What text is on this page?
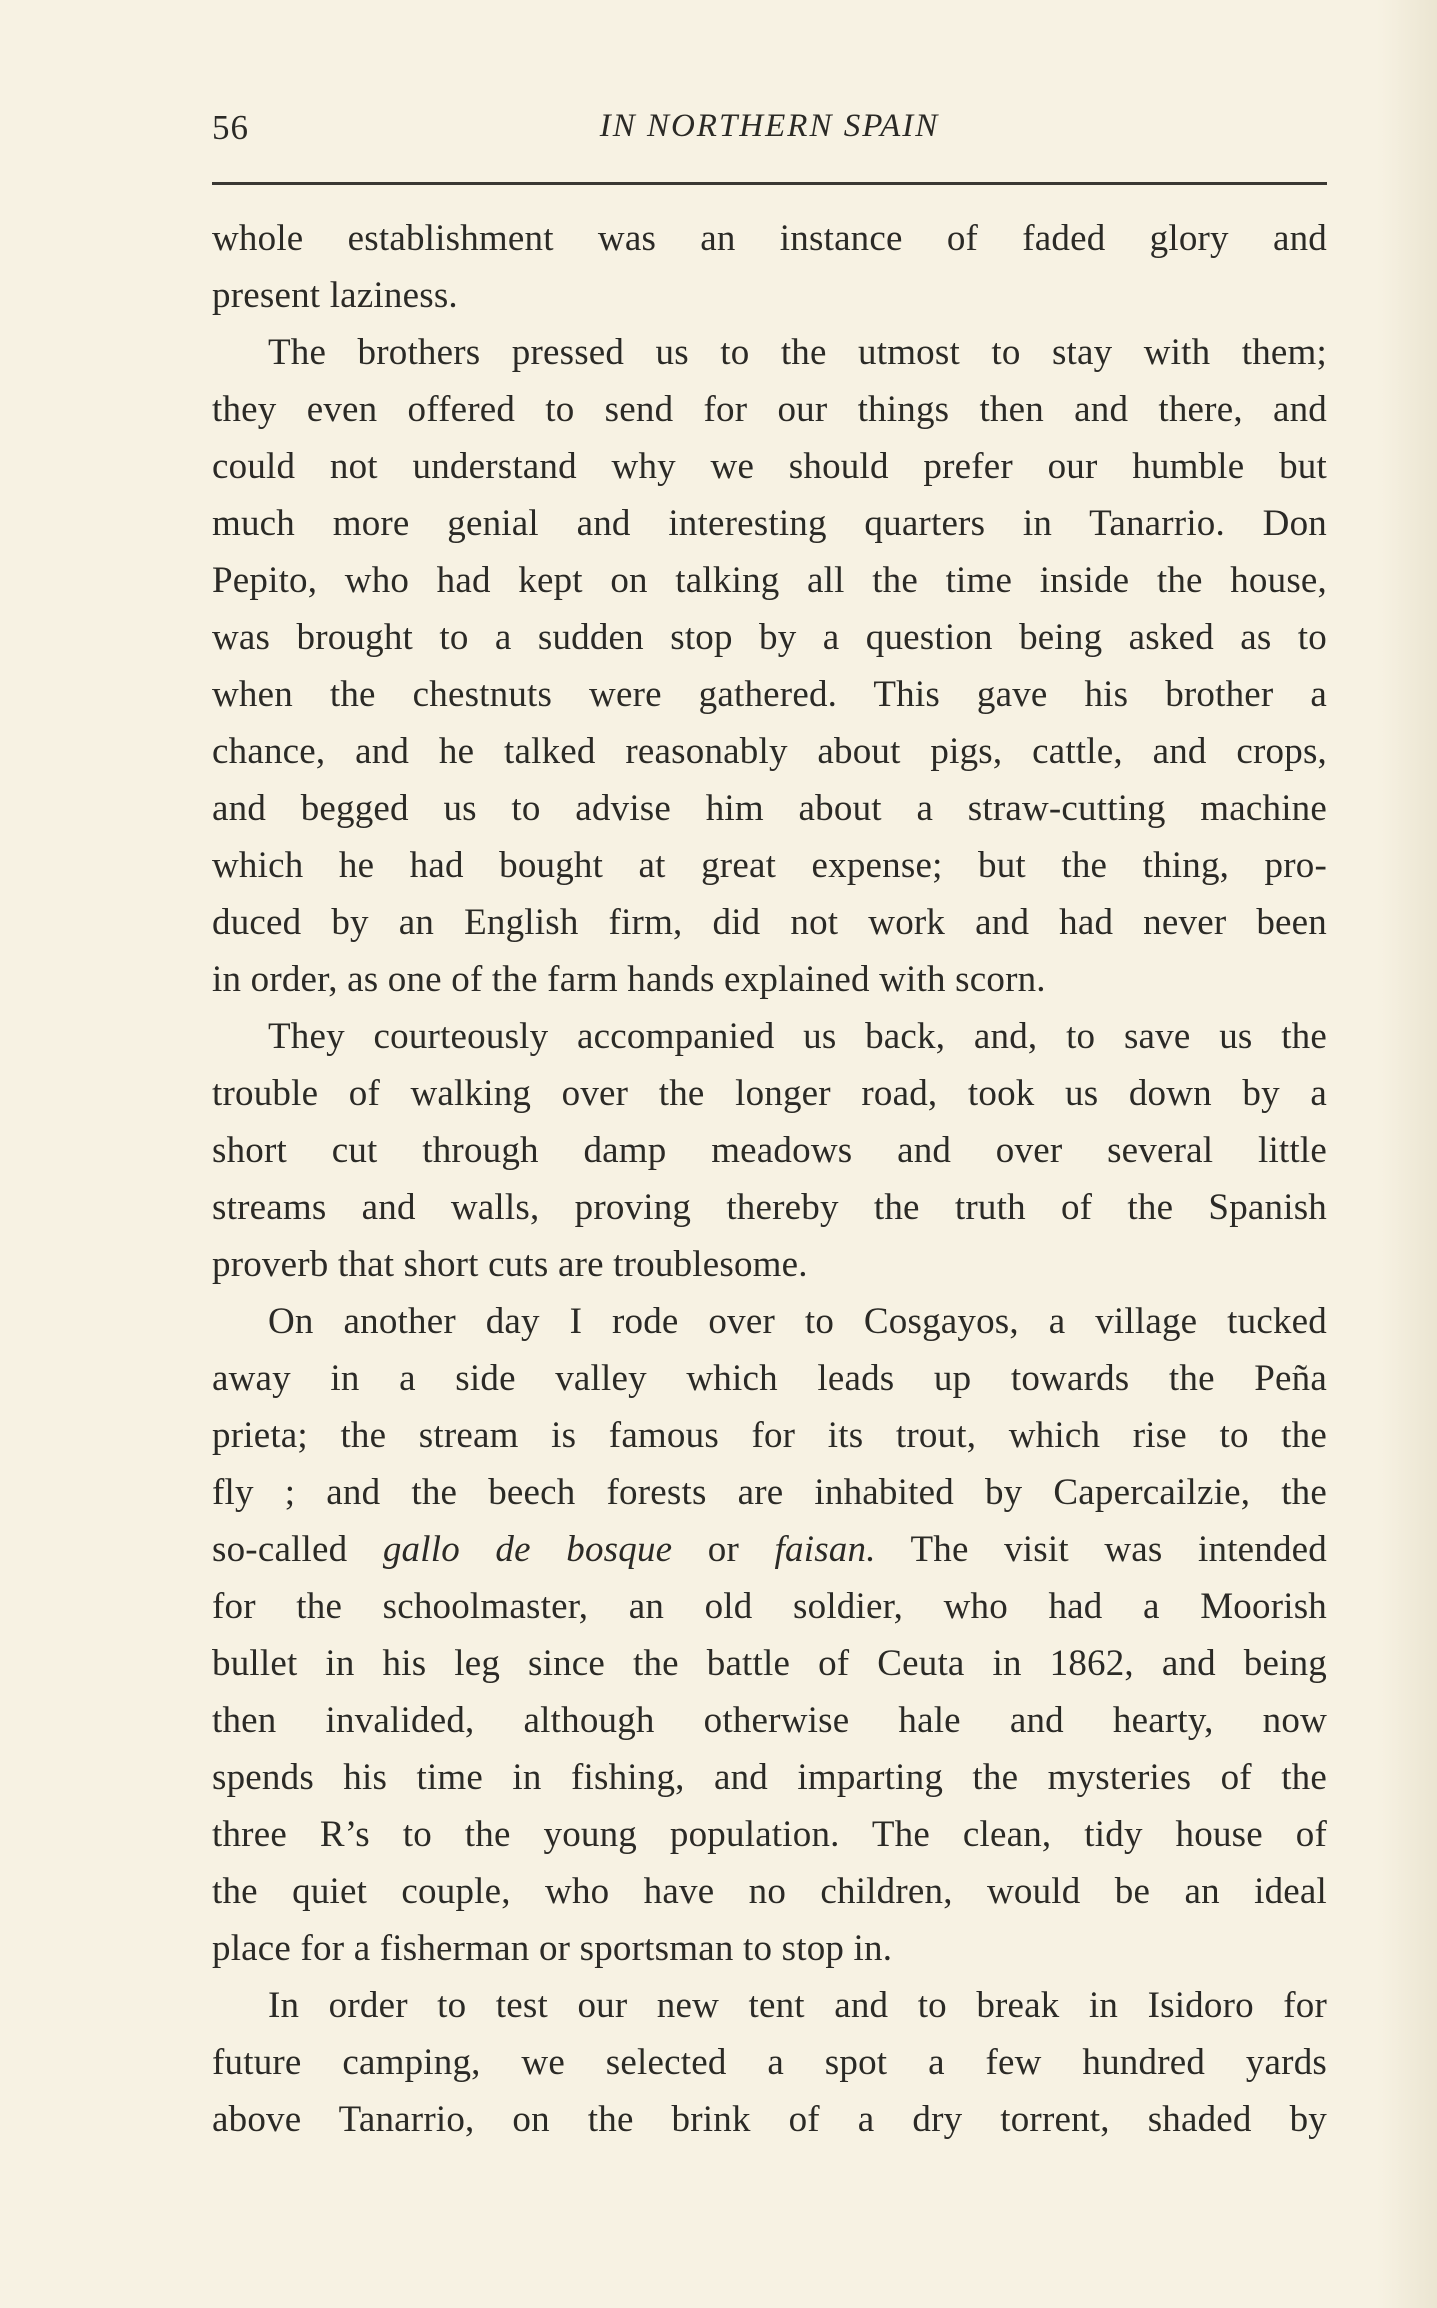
56	IN NORTHERN SPAIN
whole establishment was an instance of faded glory and
present laziness.
The brothers pressed us to the utmost to stay with them;
they even offered to send for our things then and there, and
could not understand why we should prefer our humble but
much more genial and interesting quarters in Tanarrio. Don
Pepito, who had kept on talking all the time inside the house,
was brought to a sudden stop by a question being asked as to
when the chestnuts were gathered. This gave his brother a
chance, and he talked reasonably about pigs, cattle, and crops,
and begged us to advise him about a straw-cutting machine
which he had bought at great expense; but the thing, pro-
duced by an English firm, did not work and had never been
in order, as one of the farm hands explained with scorn.
They courteously accompanied us back, and, to save us the
trouble of walking over the longer road, took us down by a
short cut through damp meadows and over several little
streams and walls, proving thereby the truth of the Spanish
proverb that short cuts are troublesome.
On another day I rode over to Cosgayos, a village tucked
away in a side valley which leads up towards the Peña
prieta; the stream is famous for its trout, which rise to the
fly ; and the beech forests are inhabited by Capercailzie, the
so-called gallo de bosque or faisan. The visit was intended
for the schoolmaster, an old soldier, who had a Moorish
bullet in his leg since the battle of Ceuta in 1862, and being
then invalided, although otherwise hale and hearty, now
spends his time in fishing, and imparting the mysteries of the
three R’s to the young population. The clean, tidy house of
the quiet couple, who have no children, would be an ideal
place for a fisherman or sportsman to stop in.
In order to test our new tent and to break in Isidoro for
future camping, we selected a spot a few hundred yards
above Tanarrio, on the brink of a dry torrent, shaded by
